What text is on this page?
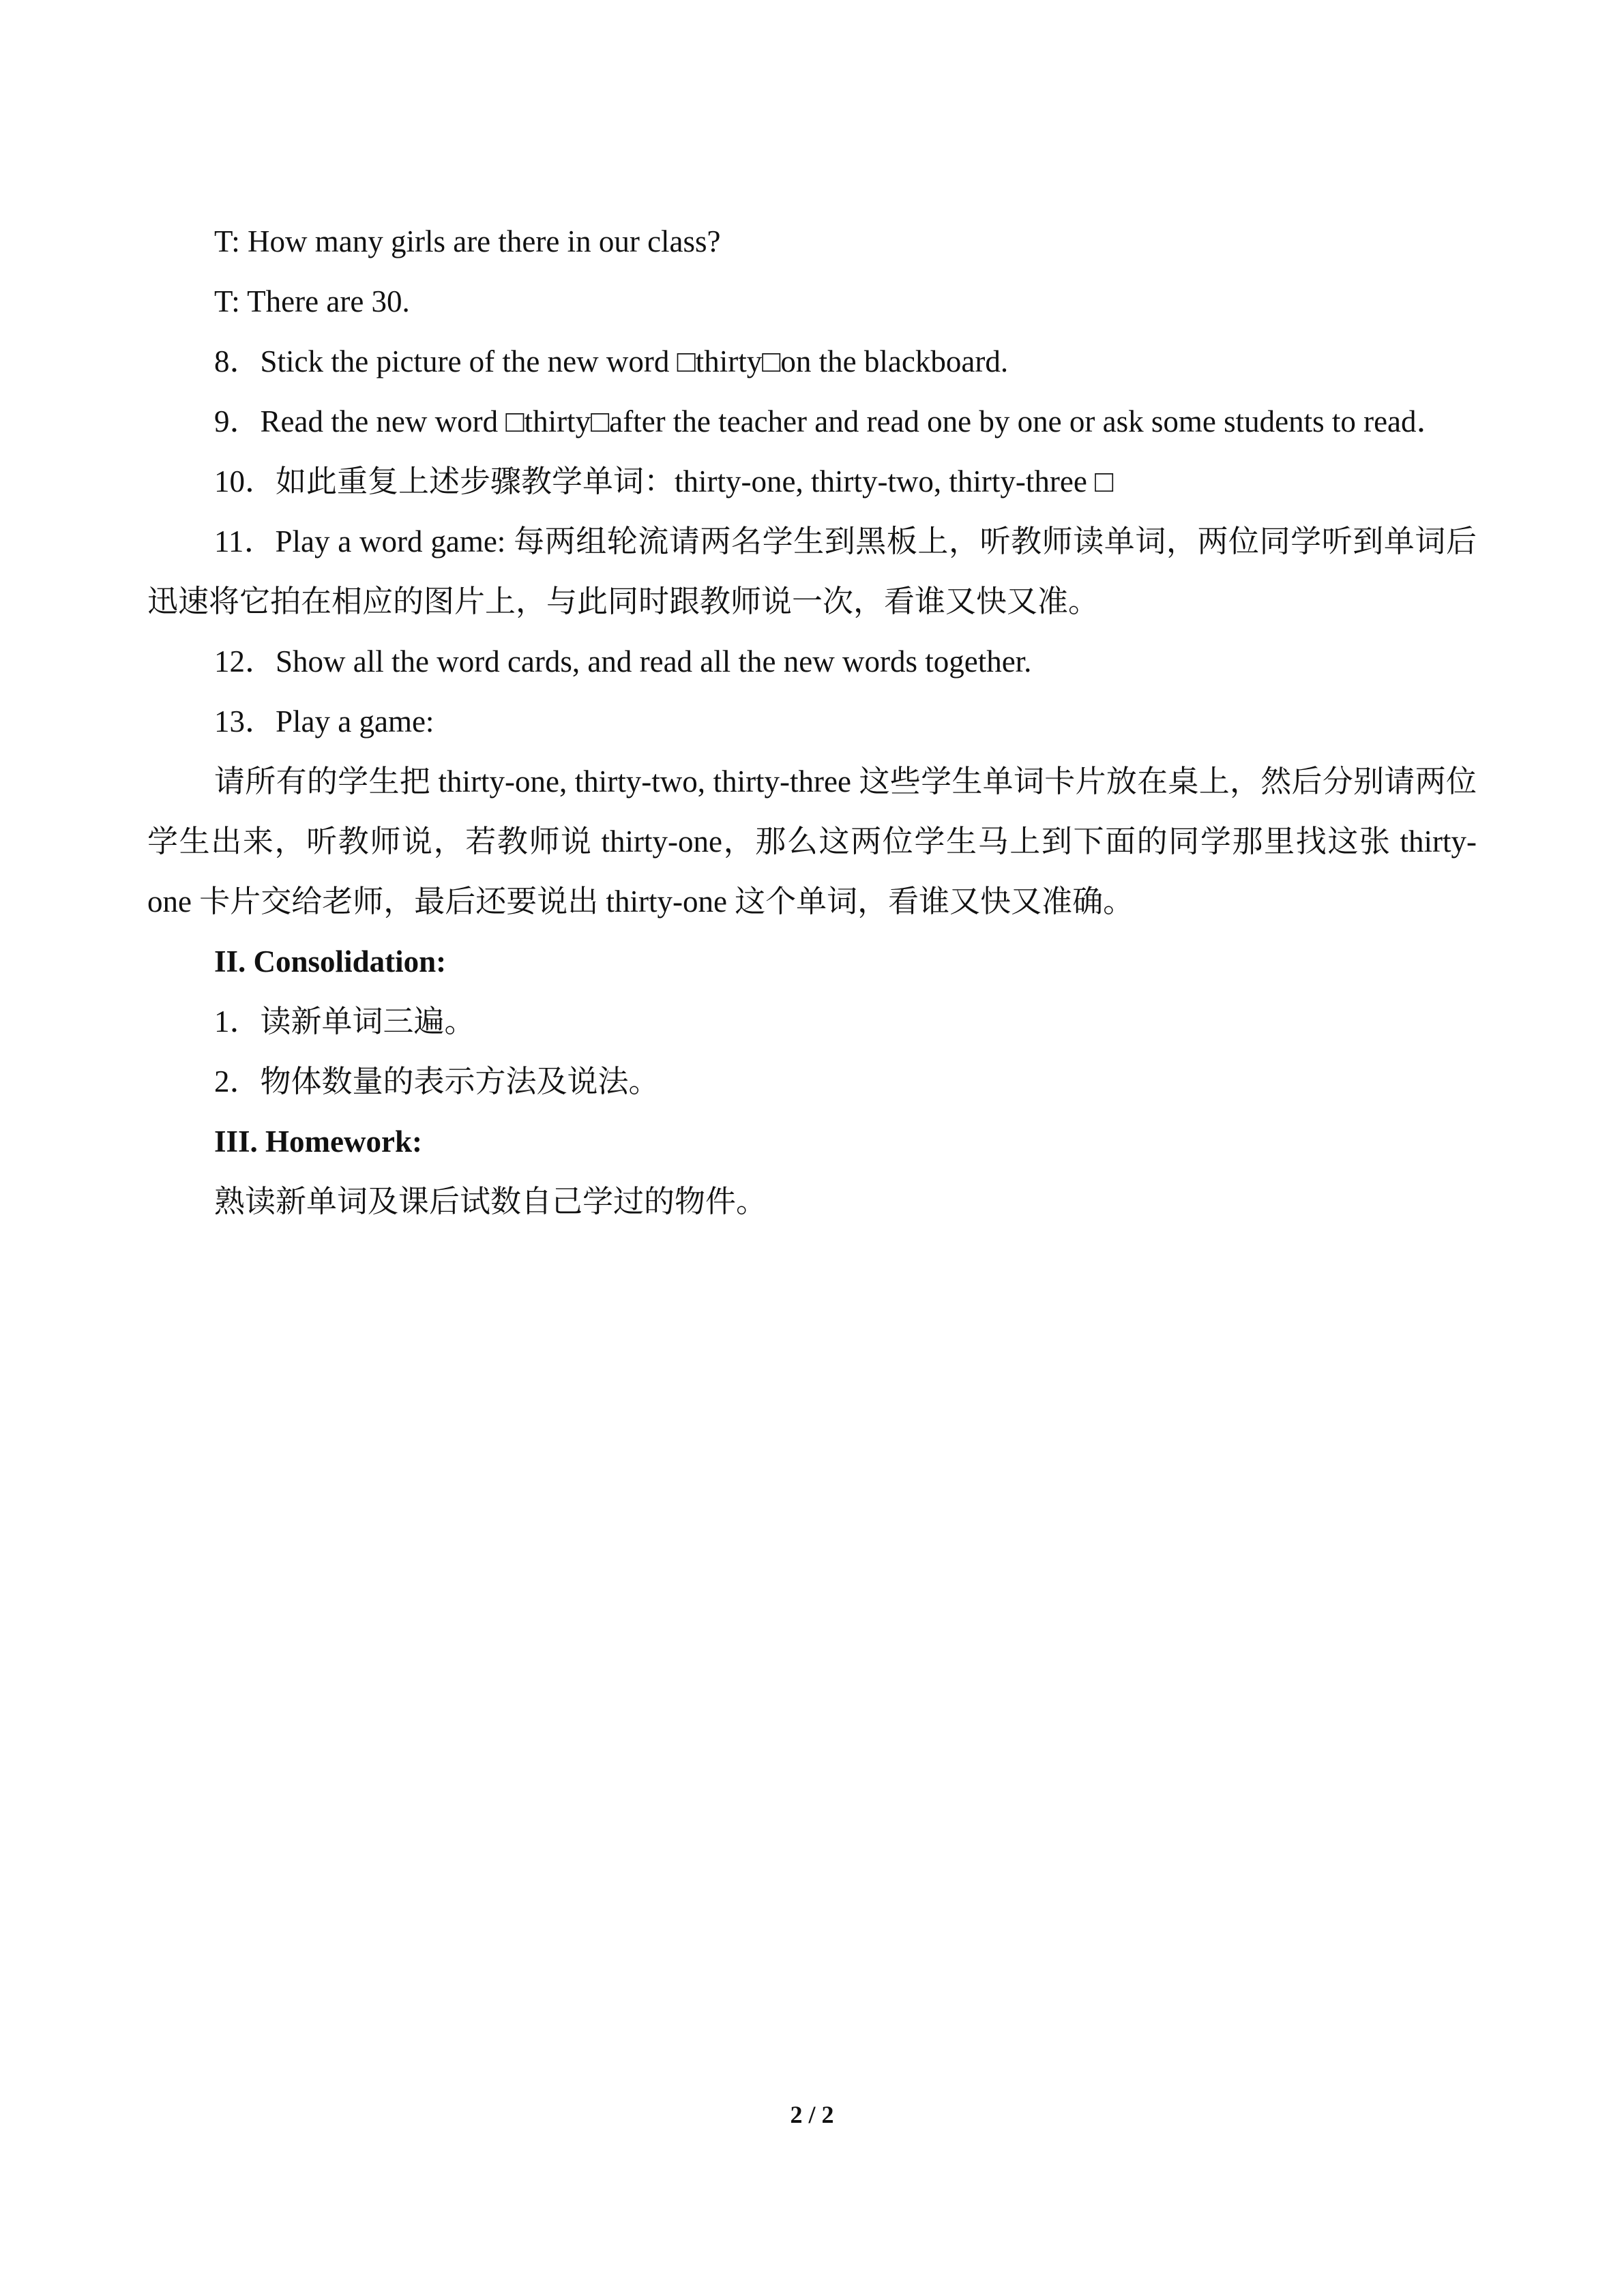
T: How many girls are there in our class?

T: There are 30.

8．Stick the picture of the new word □thirty□on the blackboard.

9．Read the new word □thirty□after the teacher and read one by one or ask some students to read．

10．如此重复上述步骤教学单词：thirty-one, thirty-two, thirty-three □

11．Play a word game: 每两组轮流请两名学生到黑板上，听教师读单词，两位同学听到单词后迅速将它拍在相应的图片上，与此同时跟教师说一次，看谁又快又准。

12．Show all the word cards, and read all the new words together.

13．Play a game:

请所有的学生把 thirty-one, thirty-two, thirty-three 这些学生单词卡片放在桌上，然后分别请两位学生出来，听教师说，若教师说 thirty-one，那么这两位学生马上到下面的同学那里找这张 thirty-one 卡片交给老师，最后还要说出 thirty-one 这个单词，看谁又快又准确。

II. Consolidation:

1．读新单词三遍。

2．物体数量的表示方法及说法。

III. Homework:

熟读新单词及课后试数自己学过的物件。

2 / 2
